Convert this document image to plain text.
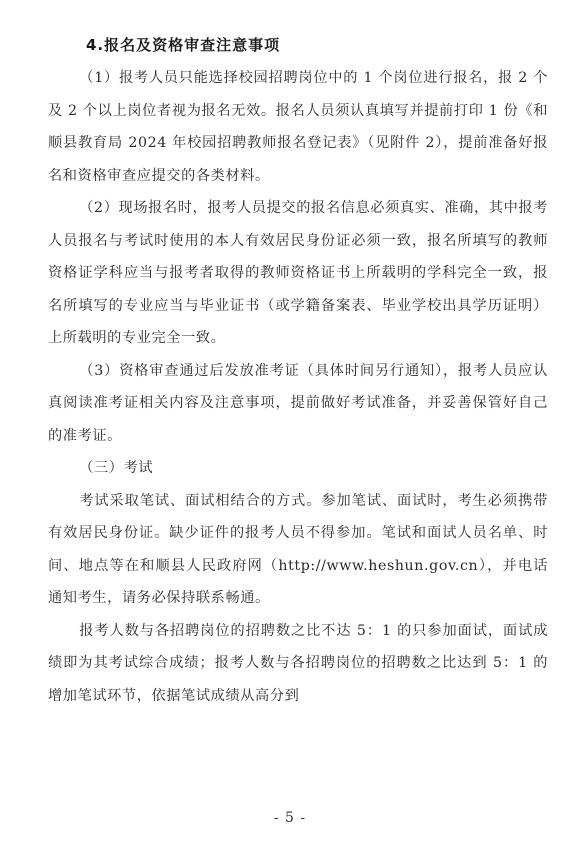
4.报名及资格审查注意事项

（1）报考人员只能选择校园招聘岗位中的 1 个岗位进行报名，报 2 个及 2 个以上岗位者视为报名无效。报名人员须认真填写并提前打印 1 份《和顺县教育局 2024 年校园招聘教师报名登记表》（见附件 2），提前准备好报名和资格审查应提交的各类材料。

（2）现场报名时，报考人员提交的报名信息必须真实、准确，其中报考人员报名与考试时使用的本人有效居民身份证必须一致，报名所填写的教师资格证学科应当与报考者取得的教师资格证书上所载明的学科完全一致，报名所填写的专业应当与毕业证书（或学籍备案表、毕业学校出具学历证明）上所载明的专业完全一致。

（3）资格审查通过后发放准考证（具体时间另行通知），报考人员应认真阅读准考证相关内容及注意事项，提前做好考试准备，并妥善保管好自己的准考证。

（三）考试

考试采取笔试、面试相结合的方式。参加笔试、面试时，考生必须携带有效居民身份证。缺少证件的报考人员不得参加。笔试和面试人员名单、时间、地点等在和顺县人民政府网（http://www.heshun.gov.cn），并电话通知考生，请务必保持联系畅通。

报考人数与各招聘岗位的招聘数之比不达 5：1 的只参加面试，面试成绩即为其考试综合成绩；报考人数与各招聘岗位的招聘数之比达到 5：1 的增加笔试环节，依据笔试成绩从高分到

- 5 -
